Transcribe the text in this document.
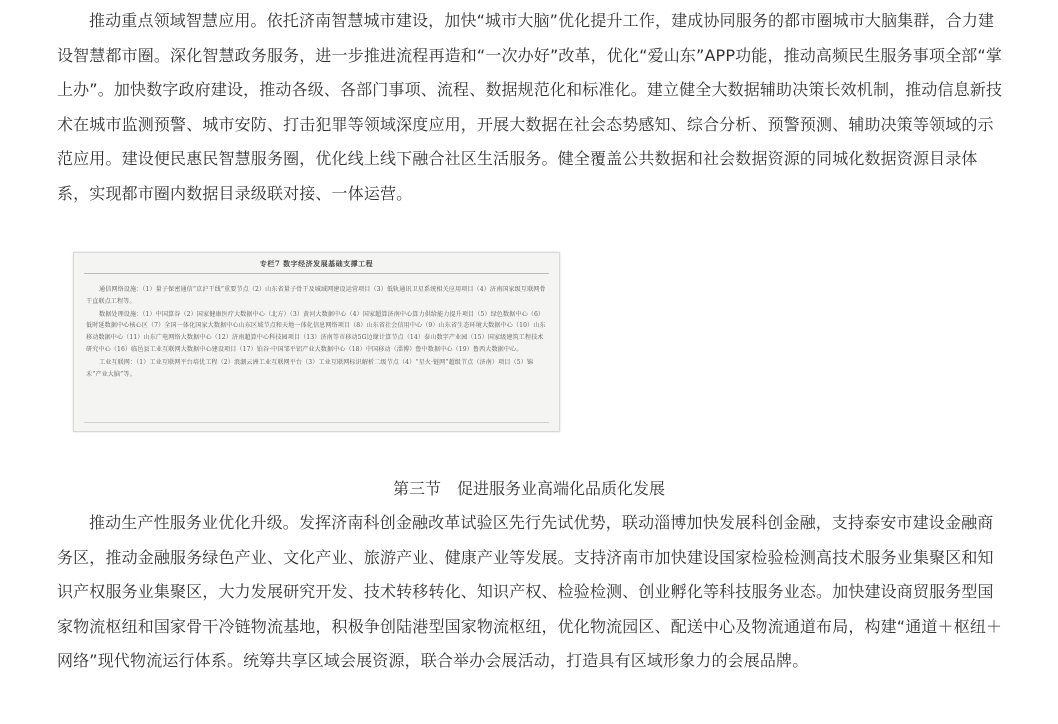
推动重点领域智慧应用。依托济南智慧城市建设，加快“城市大脑”优化提升工作，建成协同服务的都市圈城市大脑集群，合力建设智慧都市圈。深化智慧政务服务，进一步推进流程再造和“一次办好”改革，优化“爱山东”APP功能，推动高频民生服务事项全部“掌上办”。加快数字政府建设，推动各级、各部门事项、流程、数据规范化和标准化。建立健全大数据辅助决策长效机制，推动信息新技术在城市监测预警、城市安防、打击犯罪等领域深度应用，开展大数据在社会态势感知、综合分析、预警预测、辅助决策等领域的示范应用。建设便民惠民智慧服务圈，优化线上线下融合社区生活服务。健全覆盖公共数据和社会数据资源的同城化数据资源目录体系，实现都市圈内数据目录级联对接、一体运营。

专栏7 数字经济发展基础支撑工程

通信网络设施：（1）量子保密通信“京沪干线”重要节点（2）山东省量子骨干及城域网建设运营项目（3）低轨通讯卫星系统相关应用项目（4）济南国家级互联网骨干直联点工程等。

数据处理设施：（1）中国算谷（2）国家健康医疗大数据中心（北方）（3）黄河大数据中心（4）国家超算济南中心算力供给能力提升项目（5）绿色数据中心（6）低时延数据中心核心区（7）全国一体化国家大数据中心山东区域节点和天地一体化信息网络项目（8）山东省社会信用中心（9）山东省生态环境大数据中心（10）山东移动数据中心（11）山东广电网络大数据中心（12）济南超算中心科技园项目（13）济南等市移动5G边缘计算节点（14）泰山数字产业园（15）国家级建筑工程技术研究中心（16）临邑县工业互联网大数据中心建设项目（17）铂谷·中国邹平铝产业大数据中心（18）中国移动（淄博）鲁中数据中心（19）鲁西大数据中心。

工业互联网：（1）工业互联网平台培优工程（2）浪潮云洲工业互联网平台（3）工业互联网标识解析二级节点（4）“星火·链网”超级节点（济南）项目（5）锦禾“产业大脑”等。

第三节　促进服务业高端化品质化发展

推动生产性服务业优化升级。发挥济南科创金融改革试验区先行先试优势，联动淄博加快发展科创金融，支持泰安市建设金融商务区，推动金融服务绿色产业、文化产业、旅游产业、健康产业等发展。支持济南市加快建设国家检验检测高技术服务业集聚区和知识产权服务业集聚区，大力发展研究开发、技术转移转化、知识产权、检验检测、创业孵化等科技服务业态。加快建设商贸服务型国家物流枢纽和国家骨干冷链物流基地，积极争创陆港型国家物流枢纽，优化物流园区、配送中心及物流通道布局，构建“通道＋枢纽＋网络”现代物流运行体系。统筹共享区域会展资源，联合举办会展活动，打造具有区域形象力的会展品牌。
